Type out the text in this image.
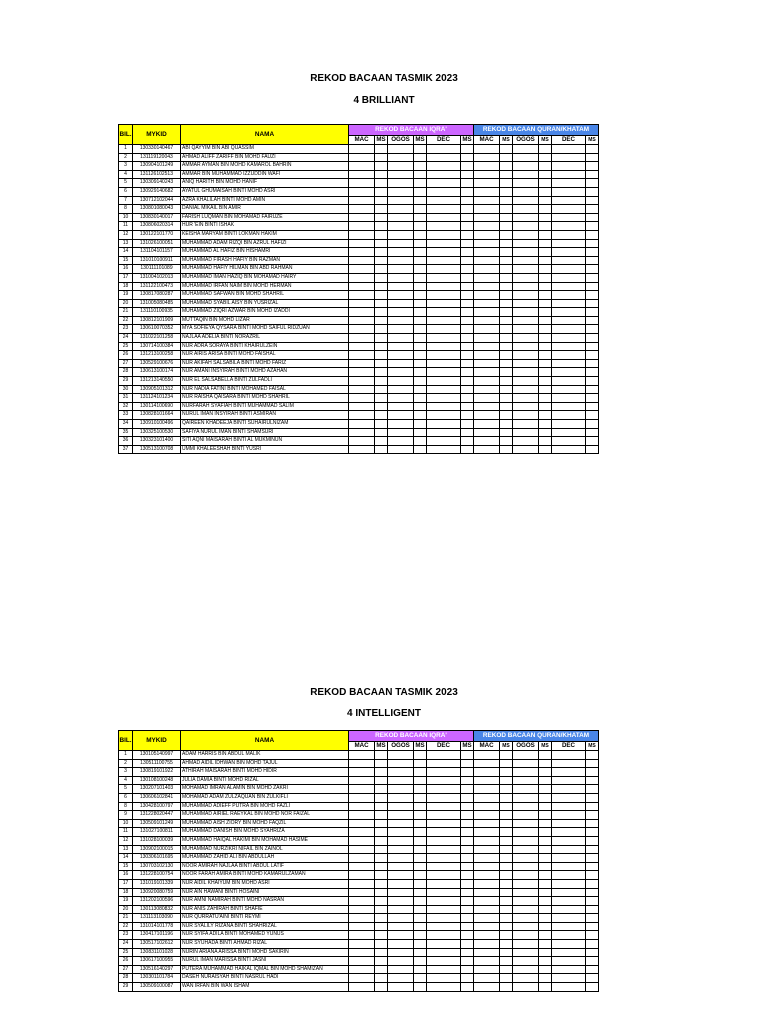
REKOD BACAAN TASMIK 2023
4 BRILLIANT
BIL.	MYKID	NAMA	REKOD BACAAN IQRA'						REKOD BACAAN QURAN/KHATAM					
			MAC	MS	OGOS	MS	DEC	MS	MAC	MS	OGOS	MS	DEC	MS
1	130330140467	ABI QAYYIM BIN ABI QUASSIM												
2	131119120043	AHMAD ALIFF ZARIFF BIN MOHD FAUZI												
3	130904101249	AMMAR AYMAN BIN MOHD KAMAROL BAHRIN												
4	131126102513	AMMAR BIN MUHAMMAD IZZUDDIN WAFI												
5	130309140243	ANIQ HARITH BIN MOHD HANIF												
6	130929140682	AYATUL GHUMAISAH BINTI MOHD ASRI												
7	130712102044	AZRA KHALILAH BINTI MOHD AMIN												
8	130801080043	DANIAL MIKAIL BIN AMIR												
10	130830140017	FARISH LUQMAN BIN MOHAMAD FAIRUZE												
11	130806020314	HUR 'EIN BINTI ISHAK												
12	130122101770	KEISHA MARYAM BINTI LOKMAN HAKIM												
13	131026100051	MUHAMMAD ADAM RIZQI BIN AZRUL HAFIZI												
14	131104101157	MUHAMMAD AL HAFIZ BIN HISHAMRI												
15	131010100911	MUHAMMAD FIRASH HAFIY BIN RAZMAN												
16	130111101089	MUHAMMAD HAFIY HILMAN BIN ABD RAHMAN												
17	131004102013	MUHAMMAD IMAN HAZIQ BIN MOHAMAD HAIRY												
18	131122100473	MUHAMMAD IRFAN NAIM BIN MOHD HERMAN												
19	130817080287	MUHAMMAD SAFWAN BIN MOHD SHAHRIL												
20	131005080485	MUHAMMAD SYABIL AISY BIN YUSRIZAL												
21	131110100935	MUHAMMAD ZIQRI AZWAR BIN MOHD IZADDI												
22	130812101909	MUTTAQIN BIN MOHD LIZAR												
23	130610070352	MYA SOFIEYA QYSARA BINTI MOHD SAIFUL RIDZUAN												
24	131022101258	NAJLAA ADELIA BINTI NORAZRIL												
25	130714100384	NUR ADRA SORAYA BINTI KHAIRULZEIN												
26	131213100258	NUR AIRIS ARISA BINTI MOHD FAISHAL												
27	130529100676	NUR AKIFAH SALSABILA BINTI MOHD FARIZ												
28	130613100174	NUR AMANI INSYIRAH BINTI MOHD AZAHAN												
29	131213140550	NUR EL SALSABELLA BINTI ZULFADLI												
30	130905101312	NUR NADIA FATINI BINTI MOHAMED FAISAL												
31	131124101234	NUR RAISHA QAISARA BINTI MOHD SHAHRIL												
32	130114100690	NURFARAH SYAFIAH BINTI MUHAMMAD SALIM												
33	130828101664	NURUL IMAN INSYIRAH BINTI ASMIRAN												
34	130910100496	QAIREEN KHADEEJA BINTI SUHAIRULNIZAM												
35	130325100530	SAFIYA NURUL IMAN BINTI SHAMSURI												
36	130323101400	SITI AQNI MAISARAH BINTI AL MUKMINUN												
37	130513100708	UMMI KHALEESHAH BINTI YUSRI												
REKOD BACAAN TASMIK 2023
4 INTELLIGENT
BIL.	MYKID	NAMA	REKOD BACAAN IQRA'						REKOD BACAAN QURAN/KHATAM					
			MAC	MS	OGOS	MS	DEC	MS	MAC	MS	OGOS	MS	DEC	MS
1	130105140997	ADAM HARRIS BIN ABDUL MALIK												
2	130511100755	AHMAD AIDIL IDHWAN BIN MOHD TAJUL												
3	130819101922	ATHIRAH MAISARAH BINTI MOHD HIDIR												
4	130108100248	JULIA DAMIA BINTI MOHD RIZAL												
5	130207101403	MOHAMAD IMRAN ALAMIN BIN MOHD ZAKRI												
6	130606102841	MOHAMAD ADAM ZULZAQUAN BIN ZULKIFLI												
8	130428100797	MUHAMMAD ADIEFF PUTRA BIN MOHD FAZLI												
9	131228020447	MUHAMMAD AIRIEL RAEYKAL BIN MOHD NOR FAIZAL												
10	130509101249	MUHAMMAD AISH ZIORY BIN MOHD FAQZIL												
11	131027100811	MUHAMMAD DANISH BIN MOHD SYAHRIZA												
12	131028100039	MUHAMMAD HAIQAL HAKIMI BIN MOHAMAD HASIME												
13	130902100015	MUHAMMAD NURZIKRI NIFAIL BIN ZAINOL												
14	130306101695	MUHAMMAD ZAHID ALI BIN ABDULLAH												
15	130703102130	NOOR AMIRAH NAJLAA BINTI ABDUL LATIF												
16	131228100754	NOOR FARAH AMIRA BINTI MOHD KAMARULZAMAN												
17	131019101339	NUR AIDIL KHAIYUM BIN MOHD ASRI												
18	130920080759	NUR AIN HAWANI BINTI HOSAINI												
19	131202100596	NUR AMNI NAMIRAH BINTI MOHD NASRAN												
20	130113080832	NUR ANIS ZAHIRAH BINTI SHAFIE												
21	131113103090	NUR QURRATU'AINI BINTI REYMI												
22	131014101778	NUR SYALILY RIZANA BINTI SHAHRIZAL												
23	130417101196	NUR SYIFA ADILA BINTI MOHAMED YUNUS												
24	130517102612	NUR SYUHADA BINTI AHMAD RIZAL												
25	130831101028	NURIN ARIANA ARISSA BINTI MOHD SAKIRIN												
26	130617100955	NURUL IMAN MARISSA BINTI JASNI												
27	130516140297	PUTERA MUHAMMAD HAIKAL IQMAL BIN MOHD SHAMIZAN												
28	130301101784	DASEH NURAISYAH BINTI NASRUL HADI												
29	130509100087	WAN IRFAN BIN WAN ISHAM												
